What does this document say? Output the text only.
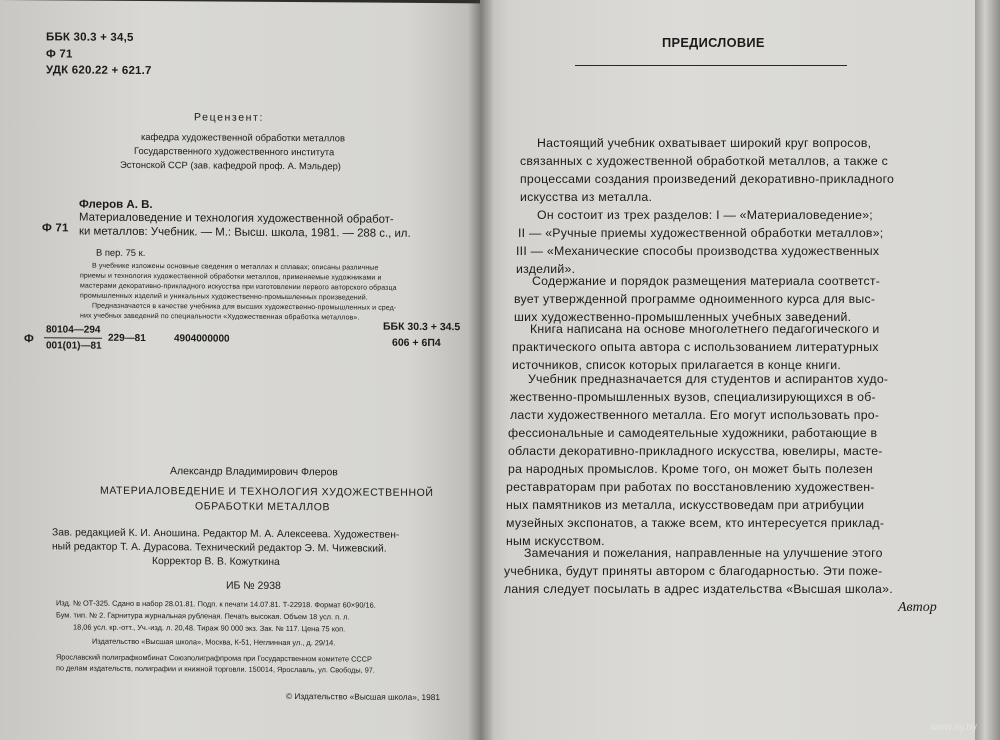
ББК 30.3 + 34,5
Ф 71
УДК 620.22 + 621.7
Рецензент:
кафедра художественной обработки металлов
Государственного художественного института
Эстонской ССР (зав. кафедрой проф. А. Мэльдер)
Флеров А. В.
Ф 71
Материаловедение и технология художественной обработ-
ки металлов: Учебник. — М.: Высш. школа, 1981. — 288 с., ил.
В пер. 75 к.
В учебнике изложены основные сведения о металлах и сплавах; описаны различные
приемы и технология художественной обработки металлов, применяемые художниками и
мастерами декоративно-прикладного искусства при изготовлении первого авторского образца
промышленных изделий и уникальных художественно-промышленных произведений.
Предназначается в качестве учебника для высших художественно-промышленных и сред-
них учебных заведений по специальности «Художественная обработка металлов».
Ф
80104—294
001(01)—81
229—81	4904000000
ББК 30.3 + 34.5
606 + 6П4
Александр Владимирович Флеров
МАТЕРИАЛОВЕДЕНИЕ И ТЕХНОЛОГИЯ ХУДОЖЕСТВЕННОЙ
ОБРАБОТКИ МЕТАЛЛОВ
Зав. редакцией К. И. Аношина. Редактор М. А. Алексеева. Художествен-
ный редактор Т. А. Дурасова. Технический редактор Э. М. Чижевский.
Корректор В. В. Кожуткина
ИБ № 2938
Изд. № ОТ-325. Сдано в набор 28.01.81. Подп. к печати 14.07.81. Т-22918. Формат 60×90/16.
Бум. тип. № 2. Гарнитура журнальная рубленая. Печать высокая. Объем 18 усл. п. л.
18,06 усл. кр.-отт., Уч.-изд. л. 20,48. Тираж 90 000 экз. Зак. № 117. Цена 75 коп.
Издательство «Высшая школа», Москва, К-51, Неглинная ул., д. 29/14.
Ярославский полиграфкомбинат Союзполиграфпрома при Государственном комитете СССР
по делам издательств, полиграфии и книжной торговли. 150014, Ярославль, ул. Свободы, 97.
© Издательство «Высшая школа», 1981
ПРЕДИСЛОВИЕ
Настоящий учебник охватывает широкий круг вопросов,
связанных с художественной обработкой металлов, а также с
процессами создания произведений декоративно-прикладного
искусства из металла.
Он состоит из трех разделов: I — «Материаловедение»;
II — «Ручные приемы художественной обработки металлов»;
III — «Механические способы производства художественных
изделий».
Содержание и порядок размещения материала соответст-
вует утвержденной программе одноименного курса для выс-
ших художественно-промышленных учебных заведений.
Книга написана на основе многолетнего педагогического и
практического опыта автора с использованием литературных
источников, список которых прилагается в конце книги.
Учебник предназначается для студентов и аспирантов худо-
жественно-промышленных вузов, специализирующихся в об-
ласти художественного металла. Его могут использовать про-
фессиональные и самодеятельные художники, работающие в
области декоративно-прикладного искусства, ювелиры, масте-
ра народных промыслов. Кроме того, он может быть полезен
реставраторам при работах по восстановлению художествен-
ных памятников из металла, искусствоведам при атрибуции
музейных экспонатов, а также всем, кто интересуется приклад-
ным искусством.
Замечания и пожелания, направленные на улучшение этого
учебника, будут приняты автором с благодарностью. Эти поже-
лания следует посылать в адрес издательства «Высшая школа».
Автор
www.ay.by
